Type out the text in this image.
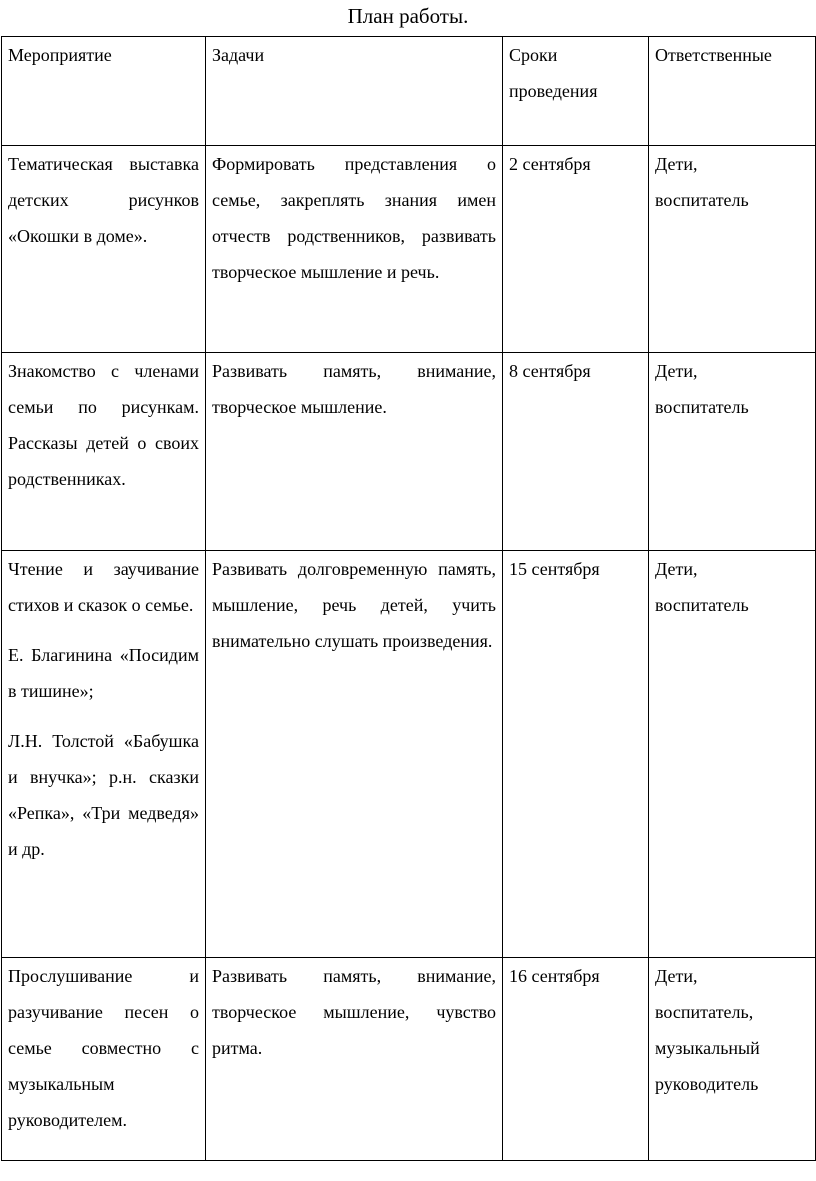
План работы.
Мероприятие	Задачи	Сроки проведения	Ответственные

Тематическая выставка детских рисунков «Окошки в доме».	Формировать представления о семье, закреплять знания имен отчеств родственников, развивать творческое мышление и речь.	2 сентября	Дети, воспитатель

Знакомство с членами семьи по рисункам. Рассказы детей о своих родственниках.	Развивать память, внимание, творческое мышление.	8 сентября	Дети, воспитатель

Чтение и заучивание стихов и сказок о семье.
Е. Благинина «Посидим в тишине»;
Л.Н. Толстой «Бабушка и внучка»; р.н. сказки «Репка», «Три медведя» и др.	Развивать долговременную память, мышление, речь детей, учить внимательно слушать произведения.	15 сентября	Дети, воспитатель

Прослушивание и разучивание песен о семье совместно с музыкальным руководителем.	Развивать память, внимание, творческое мышление, чувство ритма.	16 сентября	Дети, воспитатель, музыкальный руководитель
